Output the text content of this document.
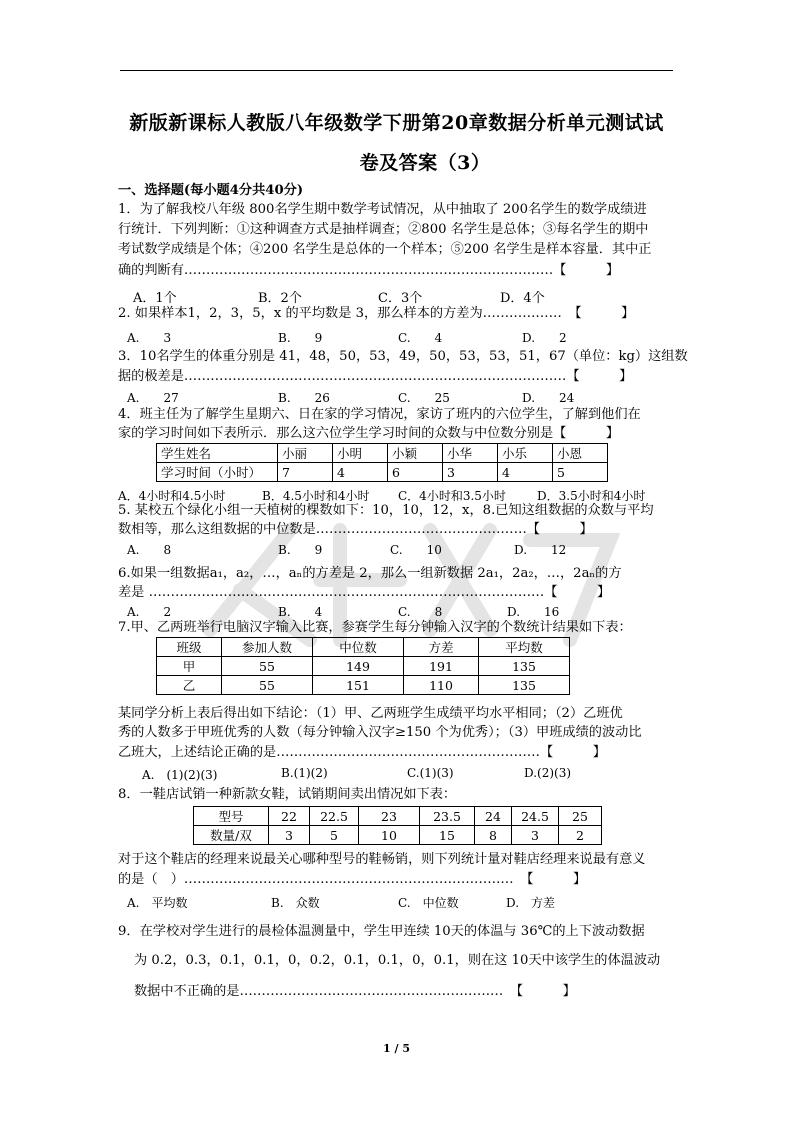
新版新课标人教版八年级数学下册第20章数据分析单元测试试
卷及答案（3）
一、选择题(每小题4分共40分)
1．为了解我校八年级 800名学生期中数学考试情况，从中抽取了 200名学生的数学成绩进
行统计．下列判断：①这种调查方式是抽样调查；②800 名学生是总体；③每名学生的期中
考试数学成绩是个体；④200 名学生是总体的一个样本；⑤200 名学生是样本容量．其中正
确的判断有…………………………………………………………………………【　　　】
A．1个	B．2个	C．3个	D．4个
2. 如果样本1，2，3，5，x 的平均数是 3，那么样本的方差为………………　【　　　】
A.　　3	B.　　9	C.　　4	D.　　2
3．10名学生的体重分别是 41，48，50，53，49，50，53，53，51，67（单位：kg）这组数
据的极差是……………………………………………………………………………【　　　】
A.　　27	B.　　26	C.　　25	D.　　24
4．班主任为了解学生星期六、日在家的学习情况，家访了班内的六位学生，了解到他们在
家的学习时间如下表所示．那么这六位学生学习时间的众数与中位数分别是【　　　】
学生姓名	小丽	小明	小颖	小华	小乐	小恩
学习时间（小时）	7	4	6	3	4	5
A．4小时和4.5小时	B．4.5小时和4小时 C．4小时和3.5小时	D．3.5小时和4小时
5. 某校五个绿化小组一天植树的棵数如下：10，10，12，x，8.已知这组数据的众数与平均
数相等，那么这组数据的中位数是…………………………………………【　　　】
A.　　8	B.　　9	C.　　10	D.　　12
6.如果一组数据a₁，a₂，…，aₙ的方差是 2，那么一组新数据 2a₁，2a₂，…，2aₙ的方
差是 ………………………………………………………………………………【　　　】
A.　　2	B.　　4	C.　　8	D.　　16
7.甲、乙两班举行电脑汉字输入比赛，参赛学生每分钟输入汉字的个数统计结果如下表：
班级	参加人数	中位数	方差	平均数
甲	55	149	191	135
乙	55	151	110	135
某同学分析上表后得出如下结论：（1）甲、乙两班学生成绩平均水平相同；（2）乙班优
秀的人数多于甲班优秀的人数（每分钟输入汉字≥150 个为优秀）；（3）甲班成绩的波动比
乙班大，上述结论正确的是……………………………………………………【　　　】
A.　(1)(2)(3)	B.(1)(2)	C.(1)(3)	D.(2)(3)
8．一鞋店试销一种新款女鞋，试销期间卖出情况如下表：
型号	22	22.5	23	23.5	24	24.5	25
数量/双	3	5	10	15	8	3	2
对于这个鞋店的经理来说最关心哪种型号的鞋畅销，则下列统计量对鞋店经理来说最有意义
的是（　）…………………………………………………………………　【　　　】
A.　平均数	B.　众数	C.　中位数	D.　方差
9．在学校对学生进行的晨检体温测量中，学生甲连续 10天的体温与 36℃的上下波动数据
为 0.2，0.3，0.1，0.1，0，0.2，0.1，0.1，0，0.1，则在这 10天中该学生的体温波动
数据中不正确的是……………………………………………………　【　　　】
1 / 5
